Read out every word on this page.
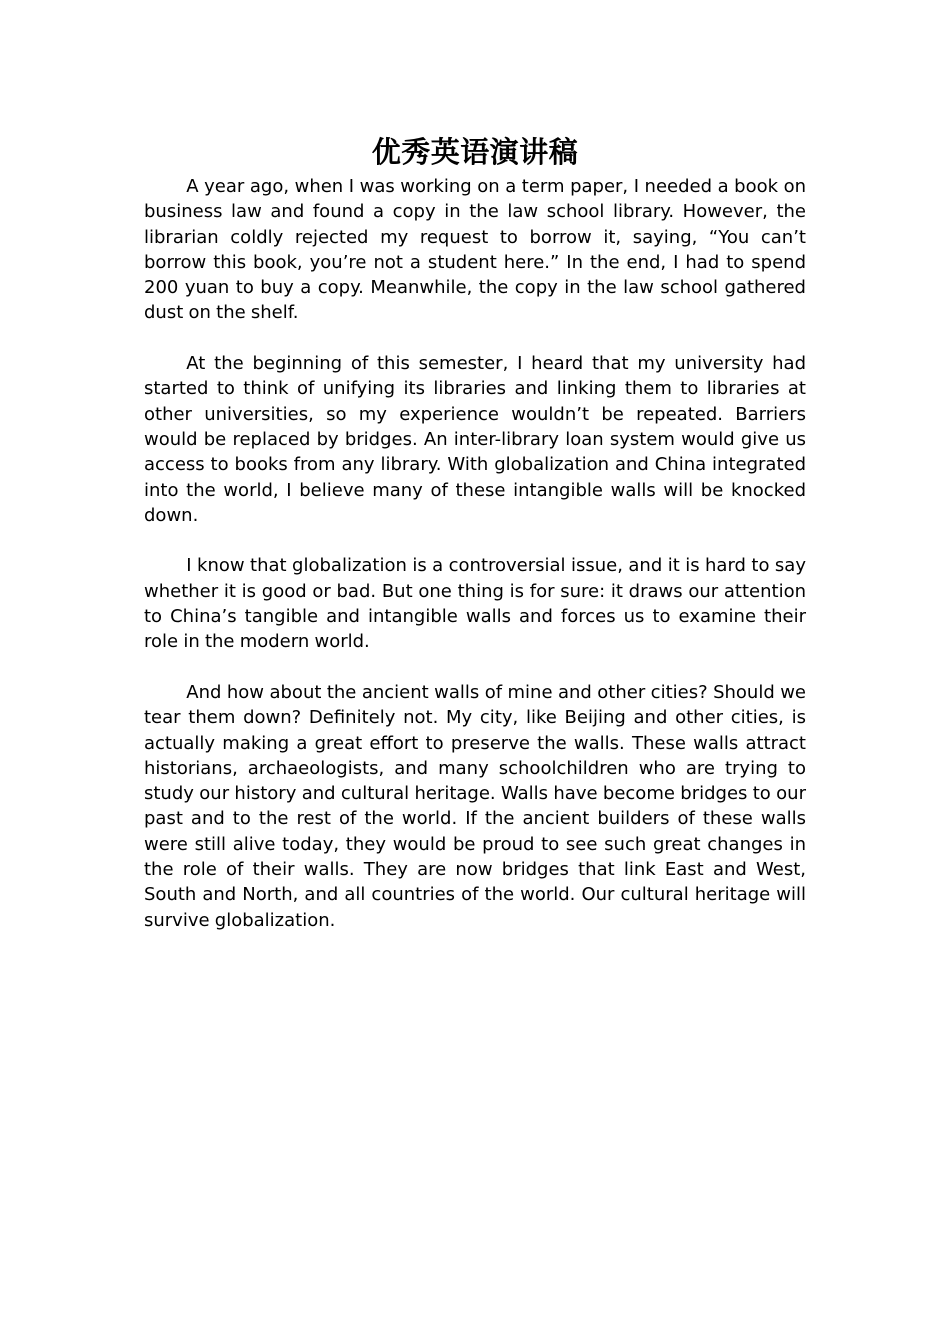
优秀英语演讲稿

A year ago, when I was working on a term paper, I needed a book on business law and found a copy in the law school library. However, the librarian coldly rejected my request to borrow it, saying, “You can’t borrow this book, you’re not a student here.” In the end, I had to spend 200 yuan to buy a copy. Meanwhile, the copy in the law school gathered dust on the shelf.

At the beginning of this semester, I heard that my university had started to think of unifying its libraries and linking them to libraries at other universities, so my experience wouldn’t be repeated. Barriers would be replaced by bridges. An inter-library loan system would give us access to books from any library. With globalization and China integrated into the world, I believe many of these intangible walls will be knocked down.

I know that globalization is a controversial issue, and it is hard to say whether it is good or bad. But one thing is for sure: it draws our attention to China’s tangible and intangible walls and forces us to examine their role in the modern world.

And how about the ancient walls of mine and other cities? Should we tear them down? Definitely not. My city, like Beijing and other cities, is actually making a great effort to preserve the walls. These walls attract historians, archaeologists, and many schoolchildren who are trying to study our history and cultural heritage. Walls have become bridges to our past and to the rest of the world. If the ancient builders of these walls were still alive today, they would be proud to see such great changes in the role of their walls. They are now bridges that link East and West, South and North, and all countries of the world. Our cultural heritage will survive globalization.
